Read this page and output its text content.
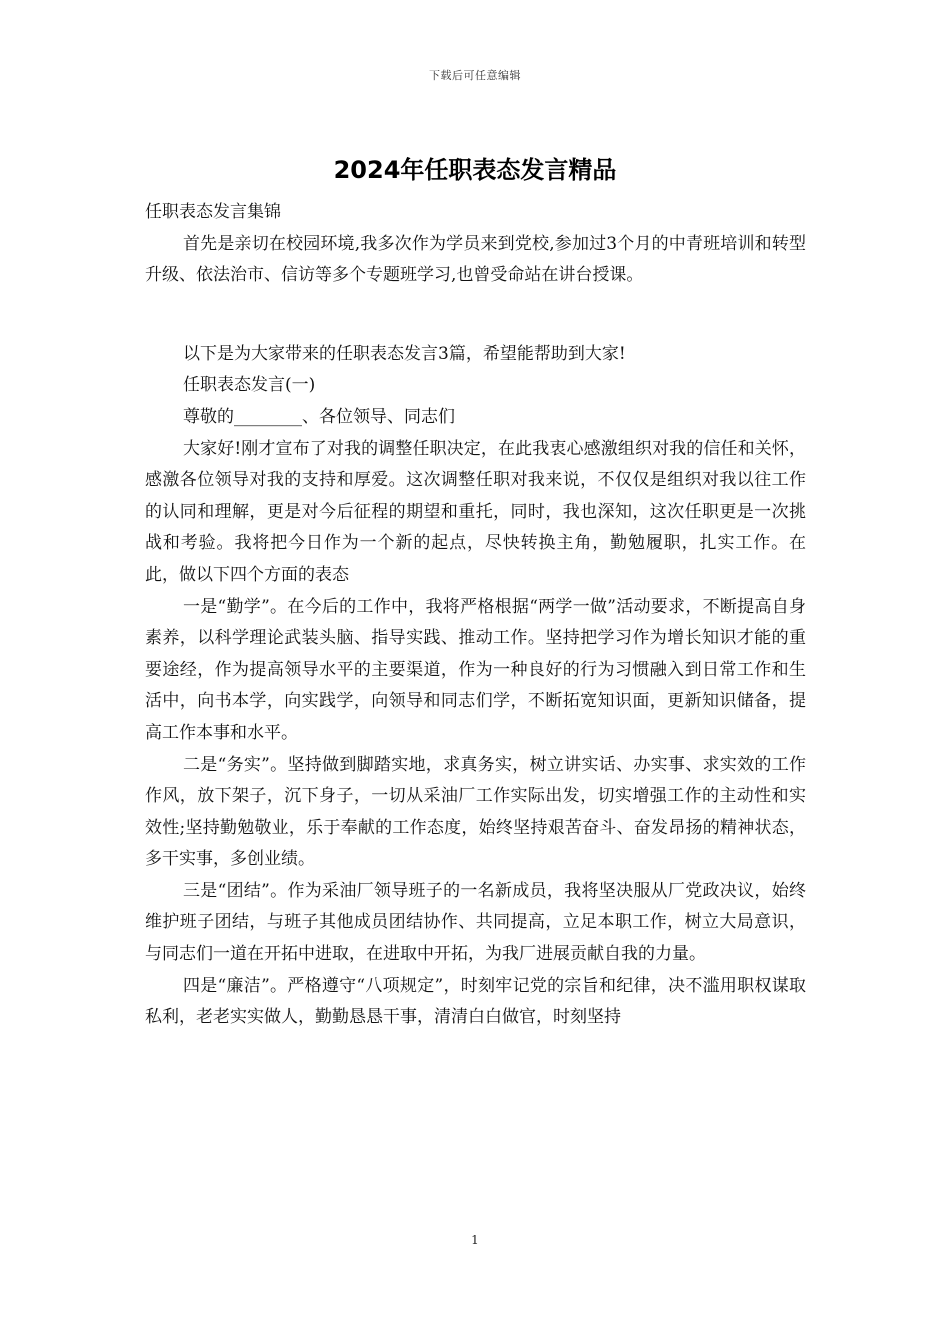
下载后可任意编辑
2024年任职表态发言精品

任职表态发言集锦

首先是亲切在校园环境,我多次作为学员来到党校,参加过3个月的中青班培训和转型升级、依法治市、信访等多个专题班学习,也曾受命站在讲台授课。

以下是为大家带来的任职表态发言3篇，希望能帮助到大家!

任职表态发言(一)

尊敬的________、各位领导、同志们

大家好!刚才宣布了对我的调整任职决定，在此我衷心感激组织对我的信任和关怀，感激各位领导对我的支持和厚爱。这次调整任职对我来说，不仅仅是组织对我以往工作的认同和理解，更是对今后征程的期望和重托，同时，我也深知，这次任职更是一次挑战和考验。我将把今日作为一个新的起点，尽快转换主角，勤勉履职，扎实工作。在此，做以下四个方面的表态

一是“勤学”。在今后的工作中，我将严格根据“两学一做”活动要求，不断提高自身素养，以科学理论武装头脑、指导实践、推动工作。坚持把学习作为增长知识才能的重要途经，作为提高领导水平的主要渠道，作为一种良好的行为习惯融入到日常工作和生活中，向书本学，向实践学，向领导和同志们学，不断拓宽知识面，更新知识储备，提高工作本事和水平。

二是“务实”。坚持做到脚踏实地，求真务实，树立讲实话、办实事、求实效的工作作风，放下架子，沉下身子，一切从采油厂工作实际出发，切实增强工作的主动性和实效性;坚持勤勉敬业，乐于奉献的工作态度，始终坚持艰苦奋斗、奋发昂扬的精神状态，多干实事，多创业绩。

三是“团结”。作为采油厂领导班子的一名新成员，我将坚决服从厂党政决议，始终维护班子团结，与班子其他成员团结协作、共同提高，立足本职工作，树立大局意识，与同志们一道在开拓中进取，在进取中开拓，为我厂进展贡献自我的力量。

四是“廉洁”。严格遵守“八项规定”，时刻牢记党的宗旨和纪律，决不滥用职权谋取私利，老老实实做人，勤勤恳恳干事，清清白白做官，时刻坚持

1
